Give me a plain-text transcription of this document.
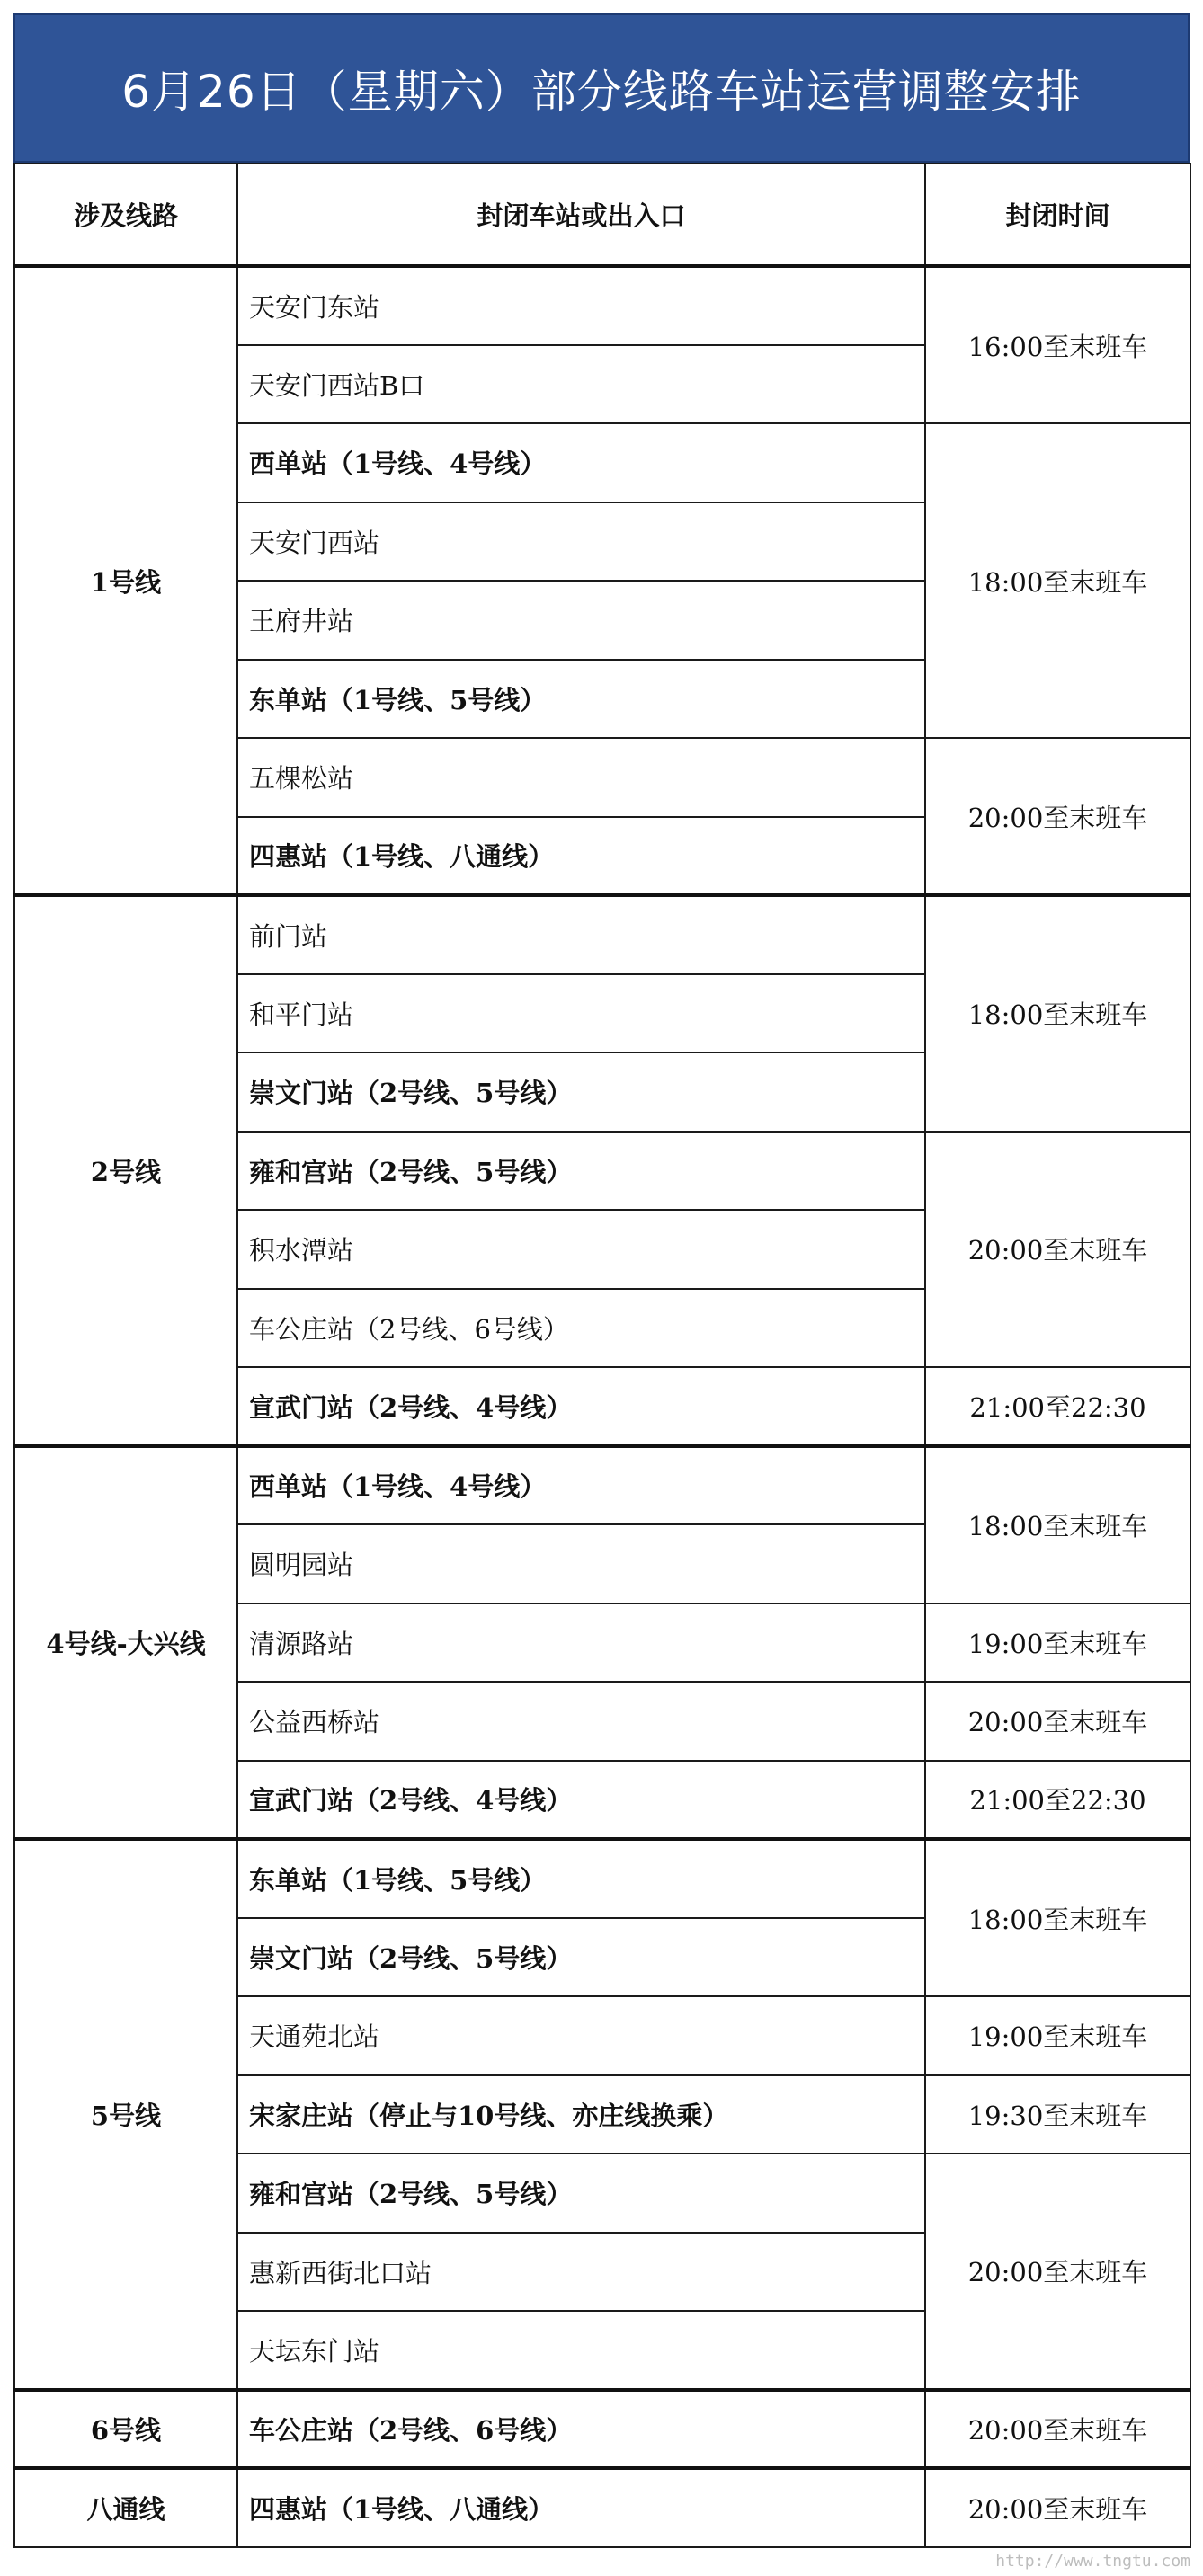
6月26日（星期六）部分线路车站运营调整安排
涉及线路	封闭车站或出入口	封闭时间
1号线	天安门东站	16:00至末班车
	天安门西站B口	
	西单站（1号线、4号线）	18:00至末班车
	天安门西站	
	王府井站	
	东单站（1号线、5号线）	
	五棵松站	20:00至末班车
	四惠站（1号线、八通线）	
2号线	前门站	18:00至末班车
	和平门站	
	崇文门站（2号线、5号线）	
	雍和宫站（2号线、5号线）	20:00至末班车
	积水潭站	
	车公庄站（2号线、6号线）	
	宣武门站（2号线、4号线）	21:00至22:30
4号线-大兴线	西单站（1号线、4号线）	18:00至末班车
	圆明园站	
	清源路站	19:00至末班车
	公益西桥站	20:00至末班车
	宣武门站（2号线、4号线）	21:00至22:30
5号线	东单站（1号线、5号线）	18:00至末班车
	崇文门站（2号线、5号线）	
	天通苑北站	19:00至末班车
	宋家庄站（停止与10号线、亦庄线换乘）	19:30至末班车
	雍和宫站（2号线、5号线）	20:00至末班车
	惠新西街北口站	
	天坛东门站	
6号线	车公庄站（2号线、6号线）	20:00至末班车
八通线	四惠站（1号线、八通线）	20:00至末班车
http://www.tngtu.com
